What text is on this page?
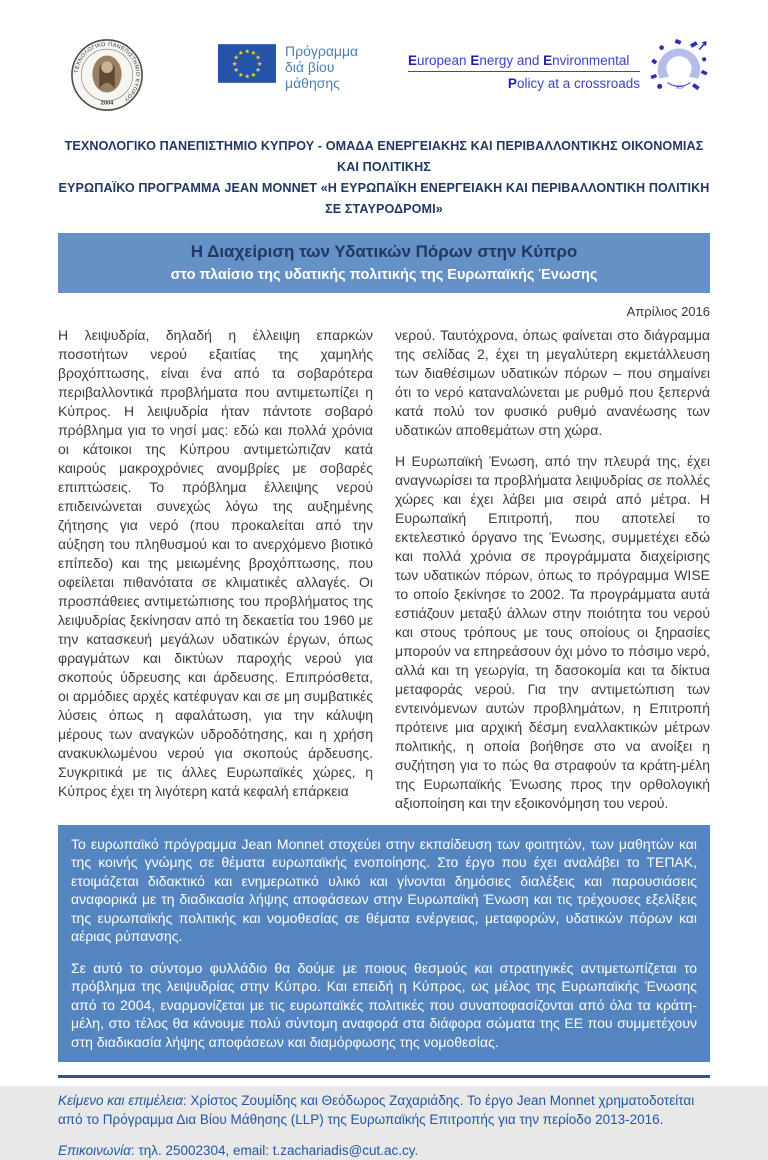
ΤΕΧΝΟΛΟΓΙΚΟ ΠΑΝΕΠΙΣΤΗΜΙΟ ΚΥΠΡΟΥ
2004
★ ★
★
★
★
★
★
★
★
★
★
★	Πρόγραμμα
διά βίου
μάθησης
European Energy and Environmental
Policy at a crossroads	3EP
ΤΕΧΝΟΛΟΓΙΚΟ ΠΑΝΕΠΙΣΤΗΜΙΟ ΚΥΠΡΟΥ - ΟΜΑΔΑ ΕΝΕΡΓΕΙΑΚΗΣ ΚΑΙ ΠΕΡΙΒΑΛΛΟΝΤΙΚΗΣ ΟΙΚΟΝΟΜΙΑΣ ΚΑΙ ΠΟΛΙΤΙΚΗΣ
ΕΥΡΩΠΑΪΚΟ ΠΡΟΓΡΑΜΜΑ JEAN MONNET «Η ΕΥΡΩΠΑΪΚΗ ΕΝΕΡΓΕΙΑΚΗ ΚΑΙ ΠΕΡΙΒΑΛΛΟΝΤΙΚΗ ΠΟΛΙΤΙΚΗ ΣΕ ΣΤΑΥΡΟΔΡΟΜΙ»
Η Διαχείριση των Υδατικών Πόρων στην Κύπρο
στο πλαίσιο της υδατικής πολιτικής της Ευρωπαϊκής Ένωσης
Απρίλιος 2016

Η λειψυδρία, δηλαδή η έλλειψη επαρκών ποσοτήτων νερού εξαιτίας της χαμηλής βροχόπτωσης, είναι ένα από τα σοβαρότερα περιβαλλοντικά προβλήματα που αντιμετωπίζει η Κύπρος. Η λειψυδρία ήταν πάντοτε σοβαρό πρόβλημα για το νησί μας: εδώ και πολλά χρόνια οι κάτοικοι της Κύπρου αντιμετώπιζαν κατά καιρούς μακροχρόνιες ανομβρίες με σοβαρές επιπτώσεις. Το πρόβλημα έλλειψης νερού επιδεινώνεται συνεχώς λόγω της αυξημένης ζήτησης για νερό (που προκαλείται από την αύξηση του πληθυσμού και το ανερχόμενο βιοτικό επίπεδο) και της μειωμένης βροχόπτωσης, που οφείλεται πιθανότατα σε κλιματικές αλλαγές. Οι προσπάθειες αντιμετώπισης του προβλήματος της λειψυδρίας ξεκίνησαν από τη δεκαετία του 1960 με την κατασκευή μεγάλων υδατικών έργων, όπως φραγμάτων και δικτύων παροχής νερού για σκοπούς ύδρευσης και άρδευσης. Επιπρόσθετα, οι αρμόδιες αρχές κατέφυγαν και σε μη συμβατικές λύσεις όπως η αφαλάτωση, για την κάλυψη μέρους των αναγκών υδροδότησης, και η χρήση ανακυκλωμένου νερού για σκοπούς άρδευσης. Συγκριτικά με τις άλλες Ευρωπαϊκές χώρες, η Κύπρος έχει τη λιγότερη κατά κεφαλή επάρκεια

νερού. Ταυτόχρονα, όπως φαίνεται στο διάγραμμα της σελίδας 2, έχει τη μεγαλύτερη εκμετάλλευση των διαθέσιμων υδατικών πόρων – που σημαίνει ότι το νερό καταναλώνεται με ρυθμό που ξεπερνά κατά πολύ τον φυσικό ρυθμό ανανέωσης των υδατικών αποθεμάτων στη χώρα.

Η Ευρωπαϊκή Ένωση, από την πλευρά της, έχει αναγνωρίσει τα προβλήματα λειψυδρίας σε πολλές χώρες και έχει λάβει μια σειρά από μέτρα. Η Ευρωπαϊκή Επιτροπή, που αποτελεί το εκτελεστικό όργανο της Ένωσης, συμμετέχει εδώ και πολλά χρόνια σε προγράμματα διαχείρισης των υδατικών πόρων, όπως το πρόγραμμα WISE το οποίο ξεκίνησε το 2002. Τα προγράμματα αυτά εστιάζουν μεταξύ άλλων στην ποιότητα του νερού και στους τρόπους με τους οποίους οι ξηρασίες μπορούν να επηρεάσουν όχι μόνο το πόσιμο νερό, αλλά και τη γεωργία, τη δασοκομία και τα δίκτυα μεταφοράς νερού. Για την αντιμετώπιση των εντεινόμενων αυτών προβλημάτων, η Επιτροπή πρότεινε μια αρχική δέσμη εναλλακτικών μέτρων πολιτικής, η οποία βοήθησε στο να ανοίξει η συζήτηση για το πώς θα στραφούν τα κράτη-μέλη της Ευρωπαϊκής Ένωσης προς την ορθολογική αξιοποίηση και την εξοικονόμηση του νερού.

Το ευρωπαϊκό πρόγραμμα Jean Monnet στοχεύει στην εκπαίδευση των φοιτητών, των μαθητών και της κοινής γνώμης σε θέματα ευρωπαϊκής ενοποίησης. Στο έργο που έχει αναλάβει το ΤΕΠΑΚ, ετοιμάζεται διδακτικό και ενημερωτικό υλικό και γίνονται δημόσιες διαλέξεις και παρουσιάσεις αναφορικά με τη διαδικασία λήψης αποφάσεων στην Ευρωπαϊκή Ένωση και τις τρέχουσες εξελίξεις της ευρωπαϊκής πολιτικής και νομοθεσίας σε θέματα ενέργειας, μεταφορών, υδατικών πόρων και αέριας ρύπανσης.

Σε αυτό το σύντομο φυλλάδιο θα δούμε με ποιους θεσμούς και στρατηγικές αντιμετωπίζεται το πρόβλημα της λειψυδρίας στην Κύπρο. Και επειδή η Κύπρος, ως μέλος της Ευρωπαϊκής Ένωσης από το 2004, εναρμονίζεται με τις ευρωπαϊκές πολιτικές που συναποφασίζονται από όλα τα κράτη-μέλη, στο τέλος θα κάνουμε πολύ σύντομη αναφορά στα διάφορα σώματα της ΕΕ που συμμετέχουν στη διαδικασία λήψης αποφάσεων και διαμόρφωσης της νομοθεσίας.

Κείμενο και επιμέλεια: Χρίστος Ζουμίδης και Θεόδωρος Ζαχαριάδης. Το έργο Jean Monnet χρηματοδοτείται από το Πρόγραμμα Δια Βίου Μάθησης (LLP) της Ευρωπαϊκής Επιτροπής για την περίοδο 2013-2016.

Επικοινωνία: τηλ. 25002304, email: t.zachariadis@cut.ac.cy.
